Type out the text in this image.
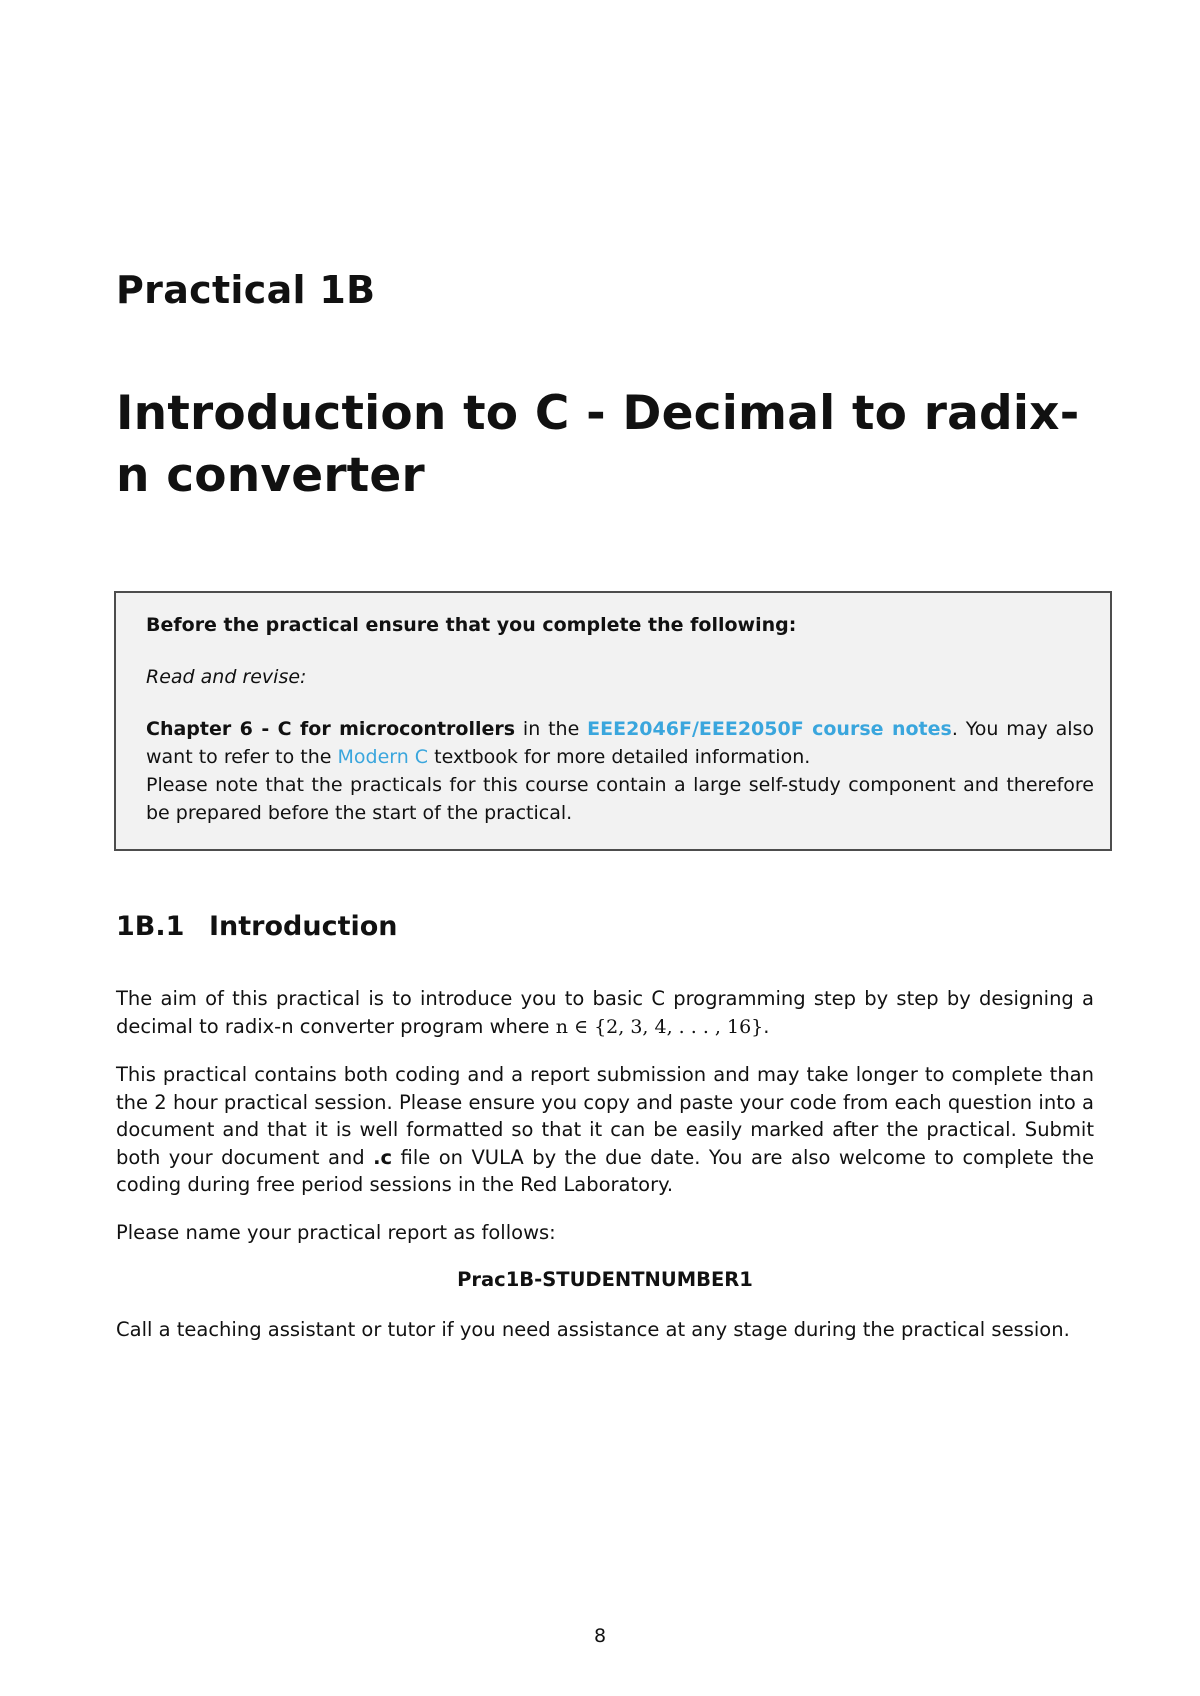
Practical 1B
Introduction to C - Decimal to radix-n converter

Before the practical ensure that you complete the following:

Read and revise:

Chapter 6 - C for microcontrollers in the EEE2046F/EEE2050F course notes. You may also want to refer to the Modern C textbook for more detailed information.

Please note that the practicals for this course contain a large self-study component and therefore be prepared before the start of the practical.

1B.1 Introduction

The aim of this practical is to introduce you to basic C programming step by step by designing a decimal to radix-n converter program where n ∈ {2, 3, 4, . . . , 16}.

This practical contains both coding and a report submission and may take longer to complete than the 2 hour practical session. Please ensure you copy and paste your code from each question into a document and that it is well formatted so that it can be easily marked after the practical. Submit both your document and .c file on VULA by the due date. You are also welcome to complete the coding during free period sessions in the Red Laboratory.

Please name your practical report as follows:

Prac1B-STUDENTNUMBER1

Call a teaching assistant or tutor if you need assistance at any stage during the practical session.

8
